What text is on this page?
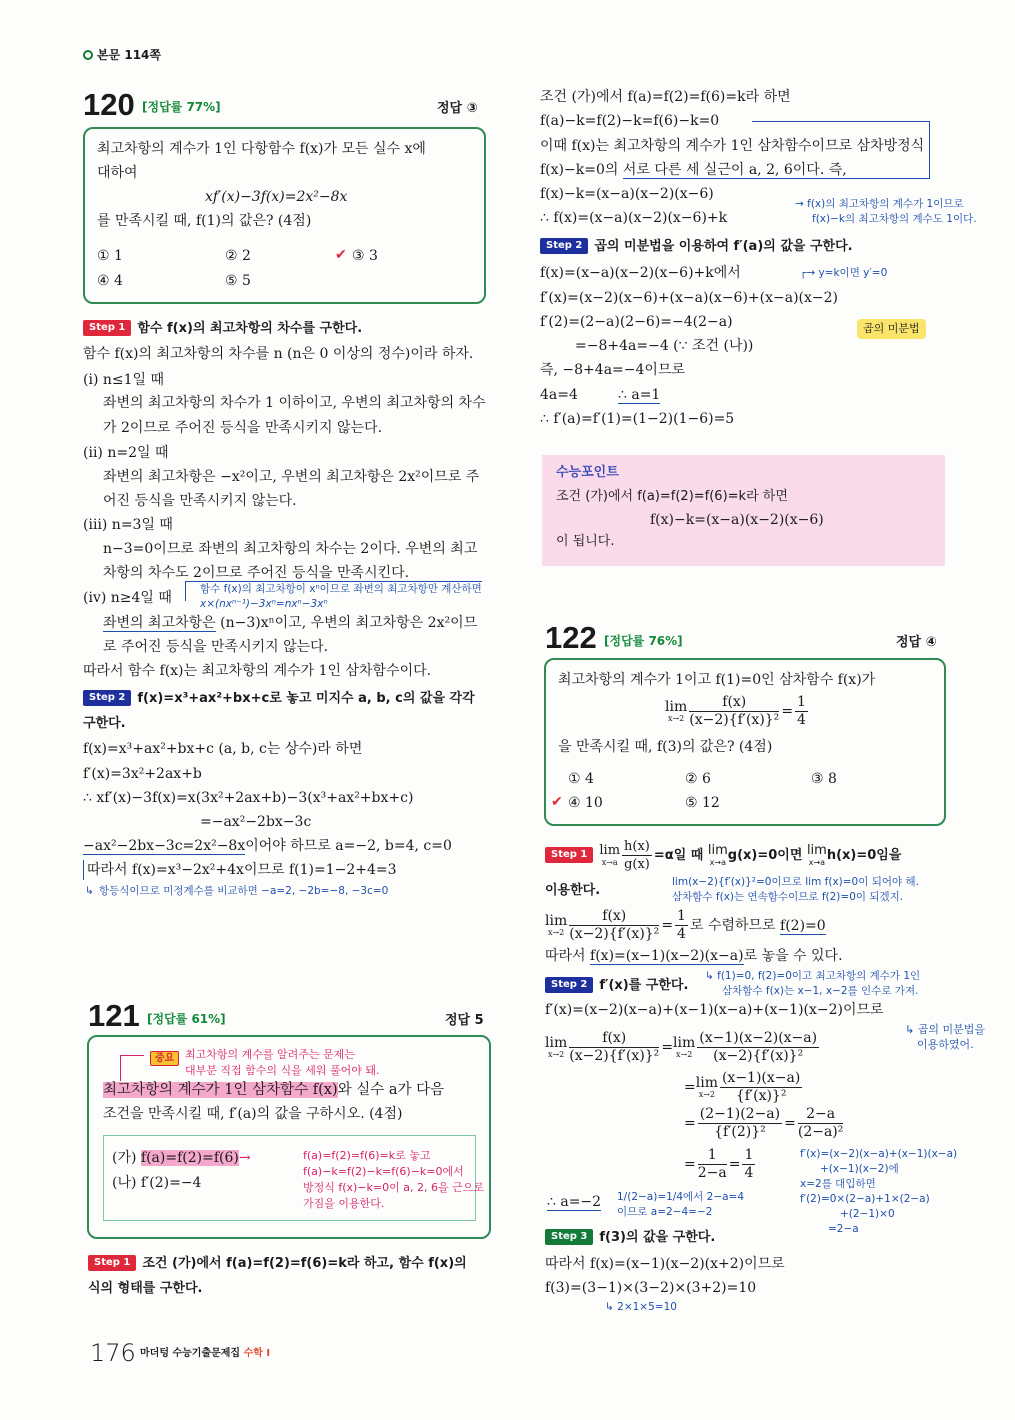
본문 114쪽
120 [정답률 77%]	정답 ③
최고차항의 계수가 1인 다항함수 f(x)가 모든 실수 x에
대하여
xf′(x)−3f(x)=2x²−8x
를 만족시킬 때, f(1)의 값은? (4점)
① 1	② 2	✔ ③ 3
④ 4	⑤ 5
Step 1 함수 f(x)의 최고차항의 차수를 구한다.
함수 f(x)의 최고차항의 차수를 n (n은 0 이상의 정수)이라 하자.
(ⅰ) n≤1일 때
좌변의 최고차항의 차수가 1 이하이고, 우변의 최고차항의 차수
가 2이므로 주어진 등식을 만족시키지 않는다.
(ⅱ) n=2일 때
좌변의 최고차항은 −x²이고, 우변의 최고차항은 2x²이므로 주
어진 등식을 만족시키지 않는다.
(ⅲ) n=3일 때
n−3=0이므로 좌변의 최고차항의 차수는 2이다. 우변의 최고
차항의 차수도 2이므로 주어진 등식을 만족시킨다.
(ⅳ) n≥4일 때
함수 f(x)의 최고차항이 xⁿ이므로 좌변의 최고차항만 계산하면
x×(nxⁿ⁻¹)−3xⁿ=nxⁿ−3xⁿ
좌변의 최고차항은 (n−3)xⁿ이고, 우변의 최고차항은 2x²이므
로 주어진 등식을 만족시키지 않는다.
따라서 함수 f(x)는 최고차항의 계수가 1인 삼차함수이다.
Step 2 f(x)=x³+ax²+bx+c로 놓고 미지수 a, b, c의 값을 각각
구한다.
f(x)=x³+ax²+bx+c (a, b, c는 상수)라 하면
f′(x)=3x²+2ax+b
∴ xf′(x)−3f(x)=x(3x²+2ax+b)−3(x³+ax²+bx+c)
=−ax²−2bx−3c
−ax²−2bx−3c=2x²−8x이어야 하므로 a=−2, b=4, c=0
따라서 f(x)=x³−2x²+4x이므로 f(1)=1−2+4=3
↳ 항등식이므로 미정계수를 비교하면 −a=2, −2b=−8, −3c=0
121 [정답률 61%]	정답 5
중요 최고차항의 계수를 알려주는 문제는
대부분 직접 함수의 식을 세워 풀어야 돼.
최고차항의 계수가 1인 삼차함수 f(x)와 실수 a가 다음
조건을 만족시킬 때, f′(a)의 값을 구하시오. (4점)
(가) f(a)=f(2)=f(6)→
(나) f′(2)=−4
f(a)=f(2)=f(6)=k로 놓고
f(a)−k=f(2)−k=f(6)−k=0에서
방정식 f(x)−k=0이 a, 2, 6을 근으로
가짐을 이용한다.
Step 1 조건 (가)에서 f(a)=f(2)=f(6)=k라 하고, 함수 f(x)의
식의 형태를 구한다.
176 마더텅 수능기출문제집 수학 Ⅰ
조건 (가)에서 f(a)=f(2)=f(6)=k라 하면
f(a)−k=f(2)−k=f(6)−k=0
이때 f(x)는 최고차항의 계수가 1인 삼차함수이므로 삼차방정식
f(x)−k=0의 서로 다른 세 실근이 a, 2, 6이다. 즉,
f(x)−k=(x−a)(x−2)(x−6)
∴ f(x)=(x−a)(x−2)(x−6)+k
→ f(x)의 최고차항의 계수가 1이므로
f(x)−k의 최고차항의 계수도 1이다.
Step 2 곱의 미분법을 이용하여 f′(a)의 값을 구한다.
f(x)=(x−a)(x−2)(x−6)+k에서	┌→ y=k이면 y′=0
f′(x)=(x−2)(x−6)+(x−a)(x−6)+(x−a)(x−2)
f′(2)=(2−a)(2−6)=−4(2−a)	곱의 미분법
=−8+4a=−4 (∵ 조건 (나))
즉, −8+4a=−4이므로
4a=4	∴ a=1
∴ f′(a)=f′(1)=(1−2)(1−6)=5
수능포인트
조건 (가)에서 f(a)=f(2)=f(6)=k라 하면
f(x)−k=(x−a)(x−2)(x−6)
이 됩니다.
122 [정답률 76%]	정답 ④
최고차항의 계수가 1이고 f(1)=0인 삼차함수 f(x)가
lim
$x\to 2 \frac{f(x)}{\text{(x−2)\{f′(x)\}²}} = \frac{1}{4}$
을 만족시킬 때, f(3)의 값은? (4점)
① 4	② 6	③ 8
✔ ④ 10	⑤ 12
Step 1 lim
$x\to a \frac{h(x)}{g(x)} =\alpha$일 때 lim
x→a g(x)=0이면 lim
x→a h(x)=0임을
이용한다.
lim(x−2){f′(x)}²=0이므로 lim f(x)=0이 되어야 해.
삼차함수 f(x)는 연속함수이므로 f(2)=0이 되겠지.
lim
$x\to 2 \frac{f(x)}{\text{(x−2)\{f′(x)\}²}} = \frac{1}{4}$ 로 수렴하므로 f(2)=0
따라서 f(x)=(x−1)(x−2)(x−a)로 놓을 수 있다.
↳ f(1)=0, f(2)=0이고 최고차항의 계수가 1인
삼차함수 f(x)는 x−1, x−2를 인수로 가져.
Step 2 f′(x)를 구한다.
f′(x)=(x−2)(x−a)+(x−1)(x−a)+(x−1)(x−2)이므로
↳ 곱의 미분법을
이용하였어.
lim
$x\to 2 \frac{f(x)}{\text{(x−2)\{f′(x)\}²}} =\lim$
$x\to 2 \frac{(x-1)(x-2)(x-a)}{\text{(x−2)\{f′(x)\}²}}$
=lim
$x\to 2 \frac{(x-1)(x-a)}{\text{\{f′(x)\}²}}$
= $\frac{(2-1)(2-a)}{\text{\{f′(2)\}²}} = \frac{2-a}{\text{(2−a)²}}$
= $\frac{1}{2-a} = \frac{1}{4}$	f′(x)=(x−2)(x−a)+(x−1)(x−a)
+(x−1)(x−2)에
x=2를 대입하면
f′(2)=0×(2−a)+1×(2−a)
+(2−1)×0
=2−a
∴ a=−2 1/(2−a)=1/4에서 2−a=4
이므로 a=2−4=−2
Step 3 f(3)의 값을 구한다.
따라서 f(x)=(x−1)(x−2)(x+2)이므로
f(3)=(3−1)×(3−2)×(3+2)=10
↳ 2×1×5=10
